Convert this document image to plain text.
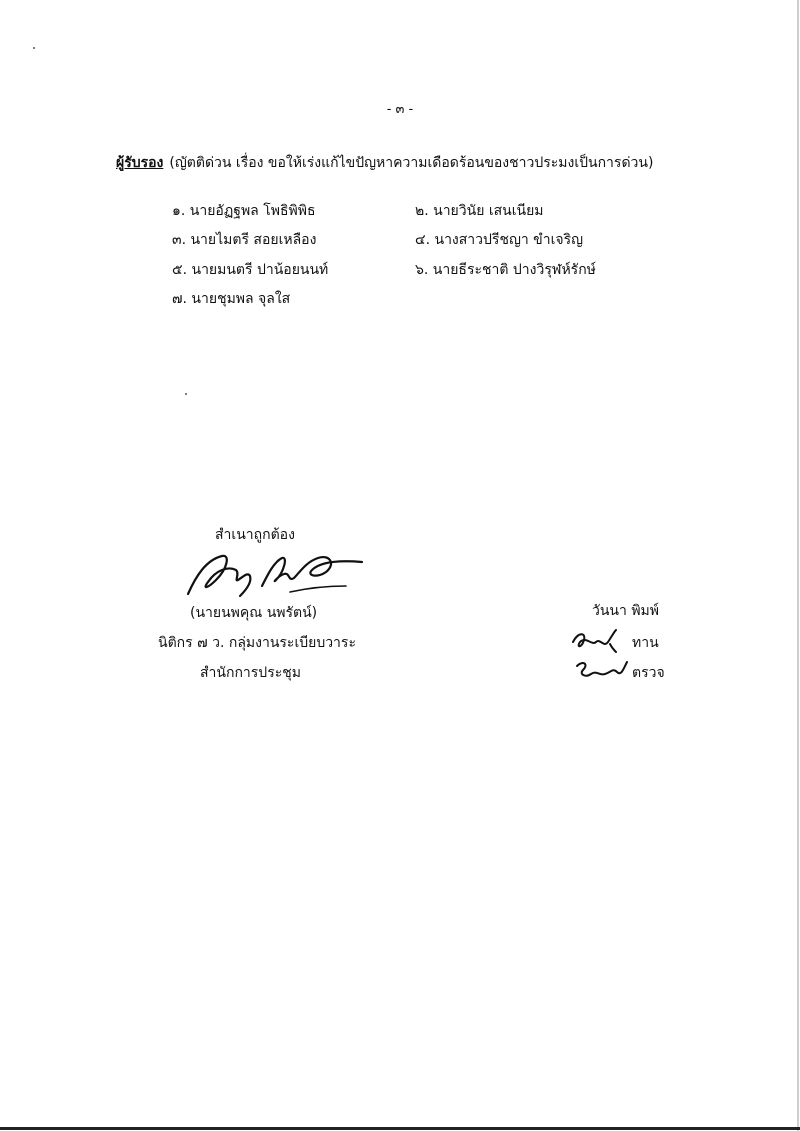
- ๓ -
ผู้รับรอง (ญัตติด่วน เรื่อง ขอให้เร่งแก้ไขปัญหาความเดือดร้อนของชาวประมงเป็นการด่วน)
๑. นายอัฏฐพล โพธิพิพิธ	๒. นายวินัย เสนเนียม
๓. นายไมตรี สอยเหลือง	๔. นางสาวปรีชญา ขำเจริญ
๕. นายมนตรี ปาน้อยนนท์	๖. นายธีระชาติ ปางวิรุฬห์รักษ์
๗. นายชุมพล จุลใส
สำเนาถูกต้อง
(นายนพคุณ นพรัตน์)
นิติกร ๗ ว. กลุ่มงานระเบียบวาระ
สำนักการประชุม
วันนา พิมพ์
ทาน
ตรวจ
